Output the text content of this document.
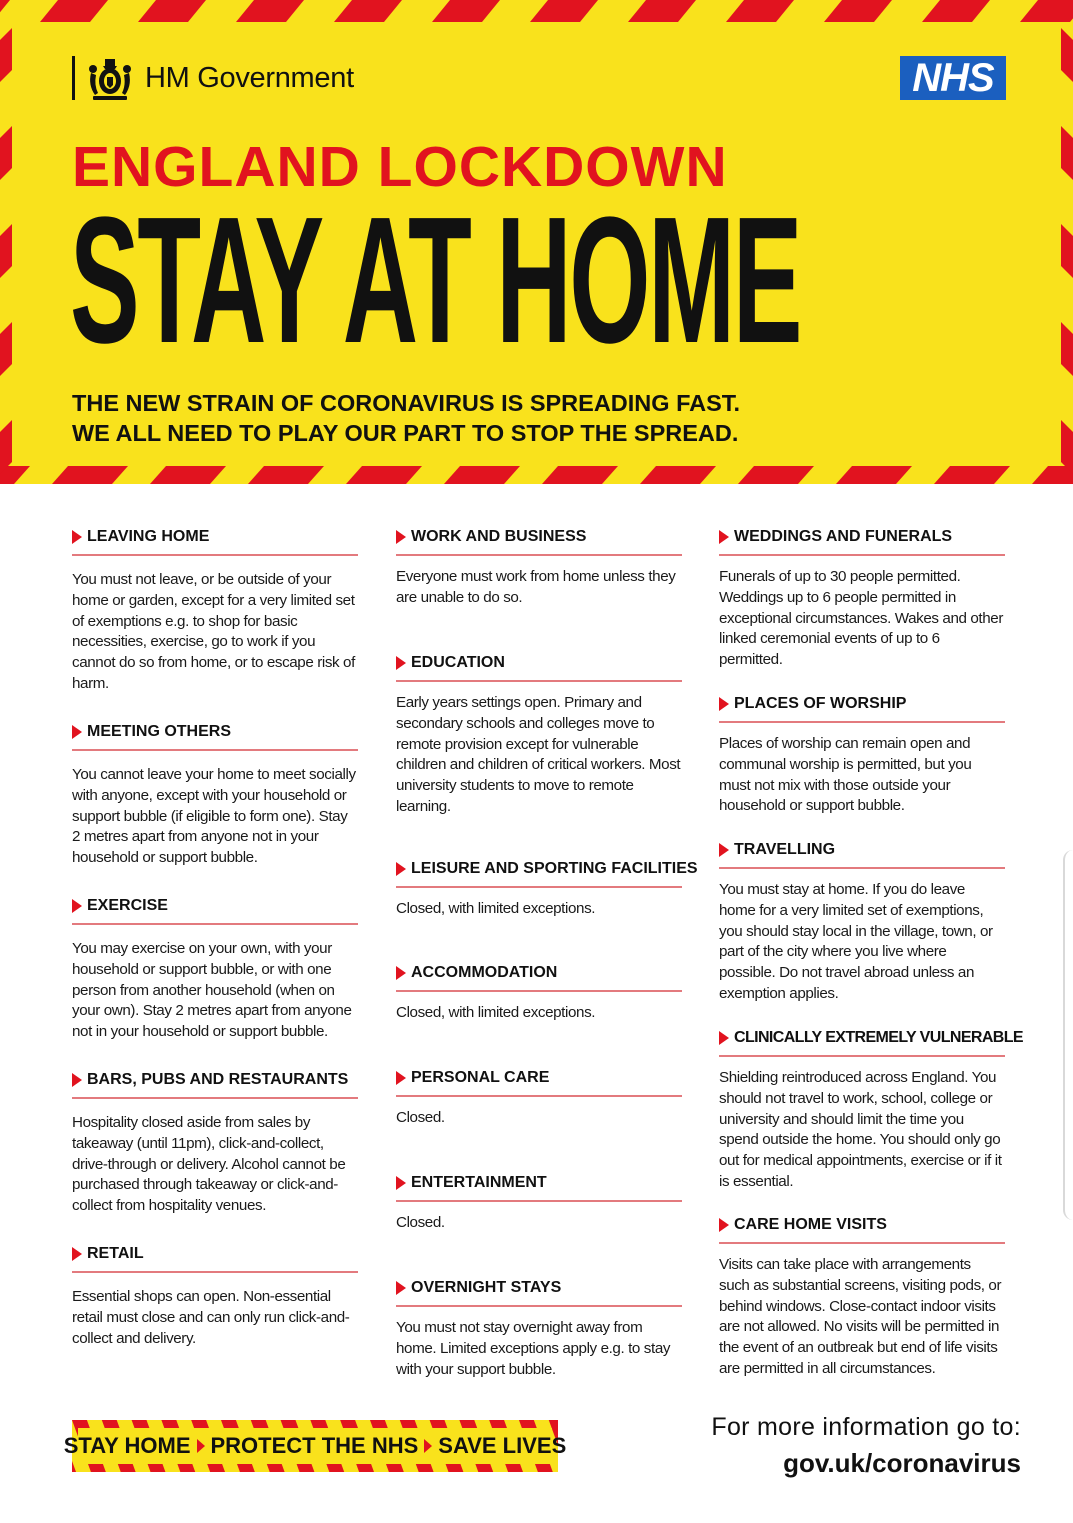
HM Government	NHS
ENGLAND LOCKDOWN
STAY AT HOME
THE NEW STRAIN OF CORONAVIRUS IS SPREADING FAST.
WE ALL NEED TO PLAY OUR PART TO STOP THE SPREAD.
LEAVING HOME
You must not leave, or be outside of your home or garden, except for a very limited set of exemptions e.g. to shop for basic necessities, exercise, go to work if you cannot do so from home, or to escape risk of harm.
MEETING OTHERS
You cannot leave your home to meet socially with anyone, except with your household or support bubble (if eligible to form one). Stay 2 metres apart from anyone not in your household or support bubble.
EXERCISE
You may exercise on your own, with your household or support bubble, or with one person from another household (when on your own). Stay 2 metres apart from anyone not in your household or support bubble.
BARS, PUBS AND RESTAURANTS
Hospitality closed aside from sales by takeaway (until 11pm), click-and-collect, drive-through or delivery. Alcohol cannot be purchased through takeaway or click-and-collect from hospitality venues.
RETAIL
Essential shops can open. Non-essential retail must close and can only run click-and-collect and delivery.
WORK AND BUSINESS
Everyone must work from home unless they are unable to do so.
EDUCATION
Early years settings open. Primary and secondary schools and colleges move to remote provision except for vulnerable children and children of critical workers. Most university students to move to remote learning.
LEISURE AND SPORTING FACILITIES
Closed, with limited exceptions.
ACCOMMODATION
Closed, with limited exceptions.
PERSONAL CARE
Closed.
ENTERTAINMENT
Closed.
OVERNIGHT STAYS
You must not stay overnight away from home. Limited exceptions apply e.g. to stay with your support bubble.
WEDDINGS AND FUNERALS
Funerals of up to 30 people permitted. Weddings up to 6 people permitted in exceptional circumstances. Wakes and other linked ceremonial events of up to 6 permitted.
PLACES OF WORSHIP
Places of worship can remain open and communal worship is permitted, but you must not mix with those outside your household or support bubble.
TRAVELLING
You must stay at home. If you do leave home for a very limited set of exemptions, you should stay local in the village, town, or part of the city where you live where possible. Do not travel abroad unless an exemption applies.
CLINICALLY EXTREMELY VULNERABLE
Shielding reintroduced across England. You should not travel to work, school, college or university and should limit the time you spend outside the home. You should only go out for medical appointments, exercise or if it is essential.
CARE HOME VISITS
Visits can take place with arrangements such as substantial screens, visiting pods, or behind windows. Close-contact indoor visits are not allowed. No visits will be permitted in the event of an outbreak but end of life visits are permitted in all circumstances.
STAY HOME PROTECT THE NHS SAVE LIVES
For more information go to:
gov.uk/coronavirus
